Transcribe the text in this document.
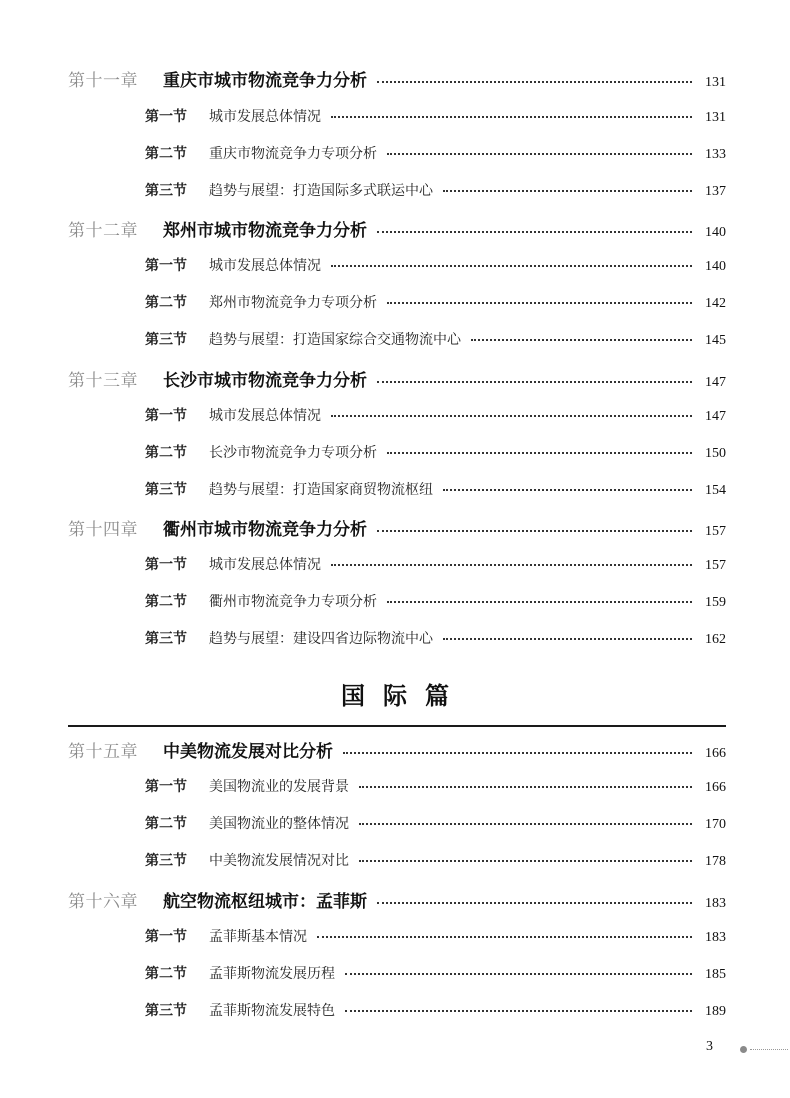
第十一章	重庆市城市物流竞争力分析	131
第一节	城市发展总体情况	131
第二节	重庆市物流竞争力专项分析	133
第三节	趋势与展望：打造国际多式联运中心	137
第十二章	郑州市城市物流竞争力分析	140
第一节	城市发展总体情况	140
第二节	郑州市物流竞争力专项分析	142
第三节	趋势与展望：打造国家综合交通物流中心	145
第十三章	长沙市城市物流竞争力分析	147
第一节	城市发展总体情况	147
第二节	长沙市物流竞争力专项分析	150
第三节	趋势与展望：打造国家商贸物流枢纽	154
第十四章	衢州市城市物流竞争力分析	157
第一节	城市发展总体情况	157
第二节	衢州市物流竞争力专项分析	159
第三节	趋势与展望：建设四省边际物流中心	162
国际篇
第十五章	中美物流发展对比分析	166
第一节	美国物流业的发展背景	166
第二节	美国物流业的整体情况	170
第三节	中美物流发展情况对比	178
第十六章	航空物流枢纽城市：孟菲斯	183
第一节	孟菲斯基本情况	183
第二节	孟菲斯物流发展历程	185
第三节	孟菲斯物流发展特色	189
3
